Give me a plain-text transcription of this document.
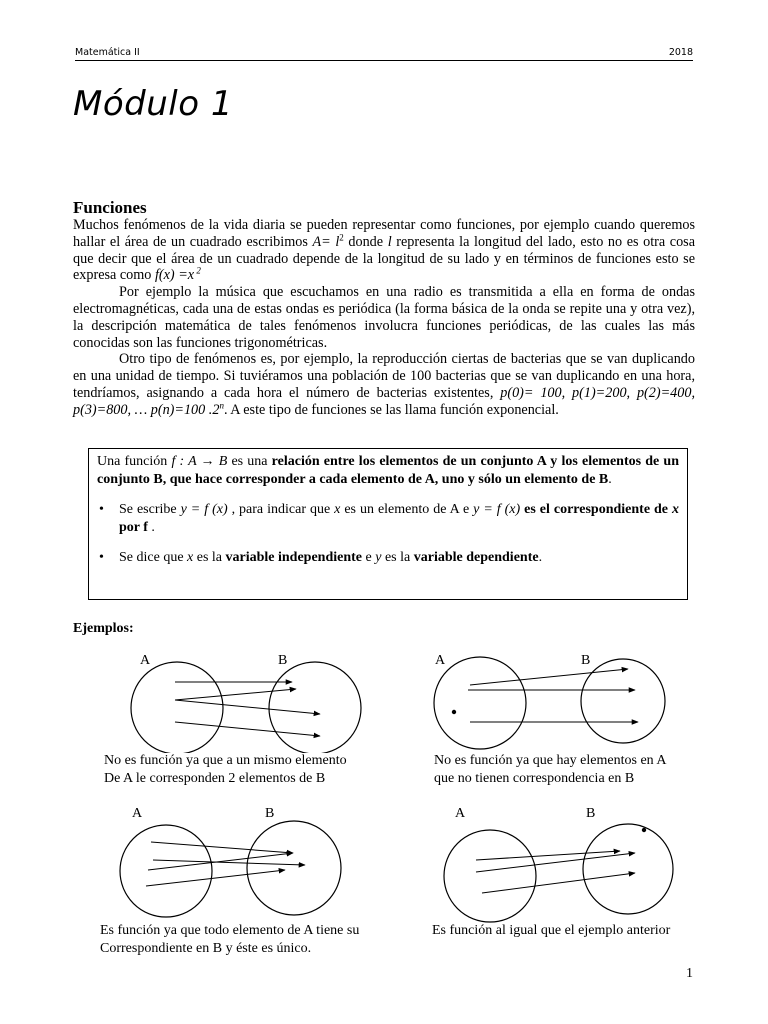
Matemática II	2018
Módulo 1
Funciones

Muchos fenómenos de la vida diaria se pueden representar como funciones, por ejemplo cuando queremos hallar el área de un cuadrado escribimos $A= l^2$ donde l representa la longitud del lado, esto no es otra cosa que decir que el área de un cuadrado depende de la longitud de su lado y en términos de funciones esto se expresa como f(x) =x $^2$

Por ejemplo la música que escuchamos en una radio es transmitida a ella en forma de ondas electromagnéticas, cada una de estas ondas es periódica (la forma básica de la onda se repite una y otra vez), la descripción matemática de tales fenómenos involucra funciones periódicas, de las cuales las más conocidas son las funciones trigonométricas.

Otro tipo de fenómenos es, por ejemplo, la reproducción ciertas de bacterias que se van duplicando en una unidad de tiempo. Si tuviéramos una población de 100 bacterias que se van duplicando en una hora, tendríamos, asignando a cada hora el número de bacterias existentes, p(0)= 100, p(1)=200, p(2)=400, p(3)=800, … p(n)=100 .2$^n$. A este tipo de funciones se las llama función exponencial.

Una función f : A → B es una relación entre los elementos de un conjunto A y los elementos de un conjunto B, que hace corresponder a cada elemento de A, uno y sólo un elemento de B.

• Se escribe y = f (x) , para indicar que x es un elemento de A e y = f (x) es el correspondiente de x por f .
• Se dice que x es la variable independiente e y es la variable dependiente.
Ejemplos:
A	B
No es función ya que a un mismo elemento
De A le corresponden 2 elementos de B
A	B
No es función ya que hay elementos en A
que no tienen correspondencia en B
A	B
Es función ya que todo elemento de A tiene su
Correspondiente en B y éste es único.
A	B
Es función al igual que el ejemplo anterior
1
